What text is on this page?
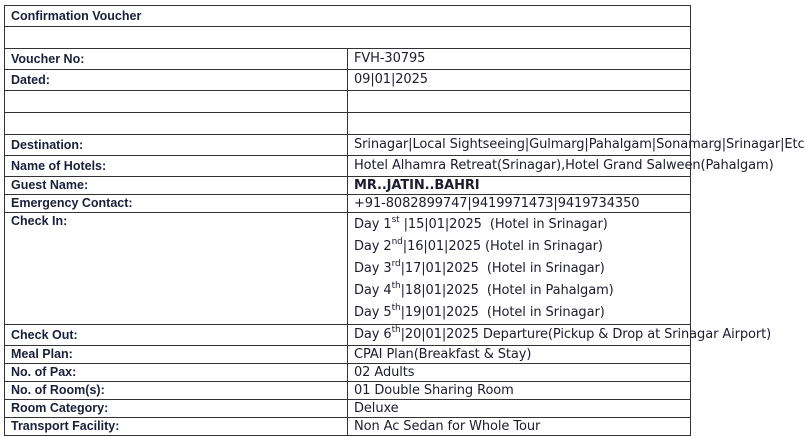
Confirmation Voucher	

Voucher No:	FVH-30795
Dated:	09|01|2025

Destination:	Srinagar|Local Sightseeing|Gulmarg|Pahalgam|Sonamarg|Srinagar|Etc
Name of Hotels:	Hotel Alhamra Retreat(Srinagar),Hotel Grand Salween(Pahalgam)
Guest Name:	MR..JATIN..BAHRI
Emergency Contact:	+91-8082899747|9419971473|9419734350
Check In:	Day 1st |15|01|2025  (Hotel in Srinagar)
Day 2nd|16|01|2025 (Hotel in Srinagar)
Day 3rd|17|01|2025  (Hotel in Srinagar)
Day 4th|18|01|2025  (Hotel in Pahalgam)
Day 5th|19|01|2025  (Hotel in Srinagar)

Check Out:	Day 6th|20|01|2025 Departure(Pickup & Drop at Srinagar Airport)
Meal Plan:	CPAI Plan(Breakfast & Stay)
No. of Pax:	02 Adults
No. of Room(s):	01 Double Sharing Room
Room Category:	Deluxe
Transport Facility:	Non Ac Sedan for Whole Tour
